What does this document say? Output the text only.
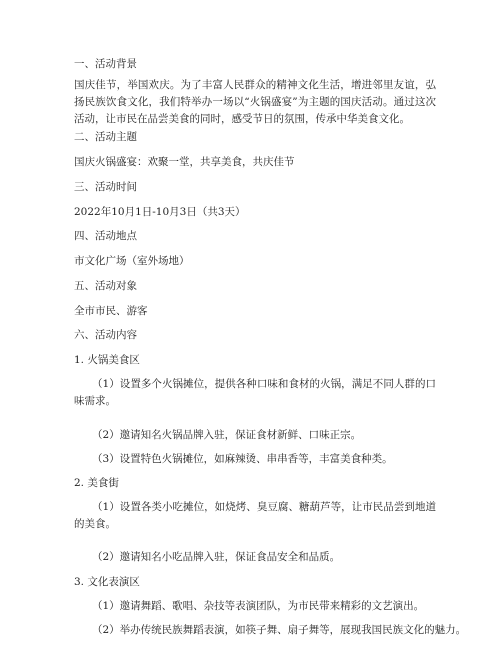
一、活动背景
国庆佳节，举国欢庆。为了丰富人民群众的精神文化生活，增进邻里友谊，弘扬民族饮食文化，我们特举办一场以“火锅盛宴”为主题的国庆活动。通过这次活动，让市民在品尝美食的同时，感受节日的氛围，传承中华美食文化。
二、活动主题
国庆火锅盛宴：欢聚一堂，共享美食，共庆佳节
三、活动时间
2022年10月1日-10月3日（共3天）
四、活动地点
市文化广场（室外场地）
五、活动对象
全市市民、游客
六、活动内容
1. 火锅美食区
（1）设置多个火锅摊位，提供各种口味和食材的火锅，满足不同人群的口味需求。
（2）邀请知名火锅品牌入驻，保证食材新鲜、口味正宗。
（3）设置特色火锅摊位，如麻辣烫、串串香等，丰富美食种类。
2. 美食街
（1）设置各类小吃摊位，如烧烤、臭豆腐、糖葫芦等，让市民品尝到地道的美食。
（2）邀请知名小吃品牌入驻，保证食品安全和品质。
3. 文化表演区
（1）邀请舞蹈、歌唱、杂技等表演团队，为市民带来精彩的文艺演出。
（2）举办传统民族舞蹈表演，如筷子舞、扇子舞等，展现我国民族文化的魅力。
